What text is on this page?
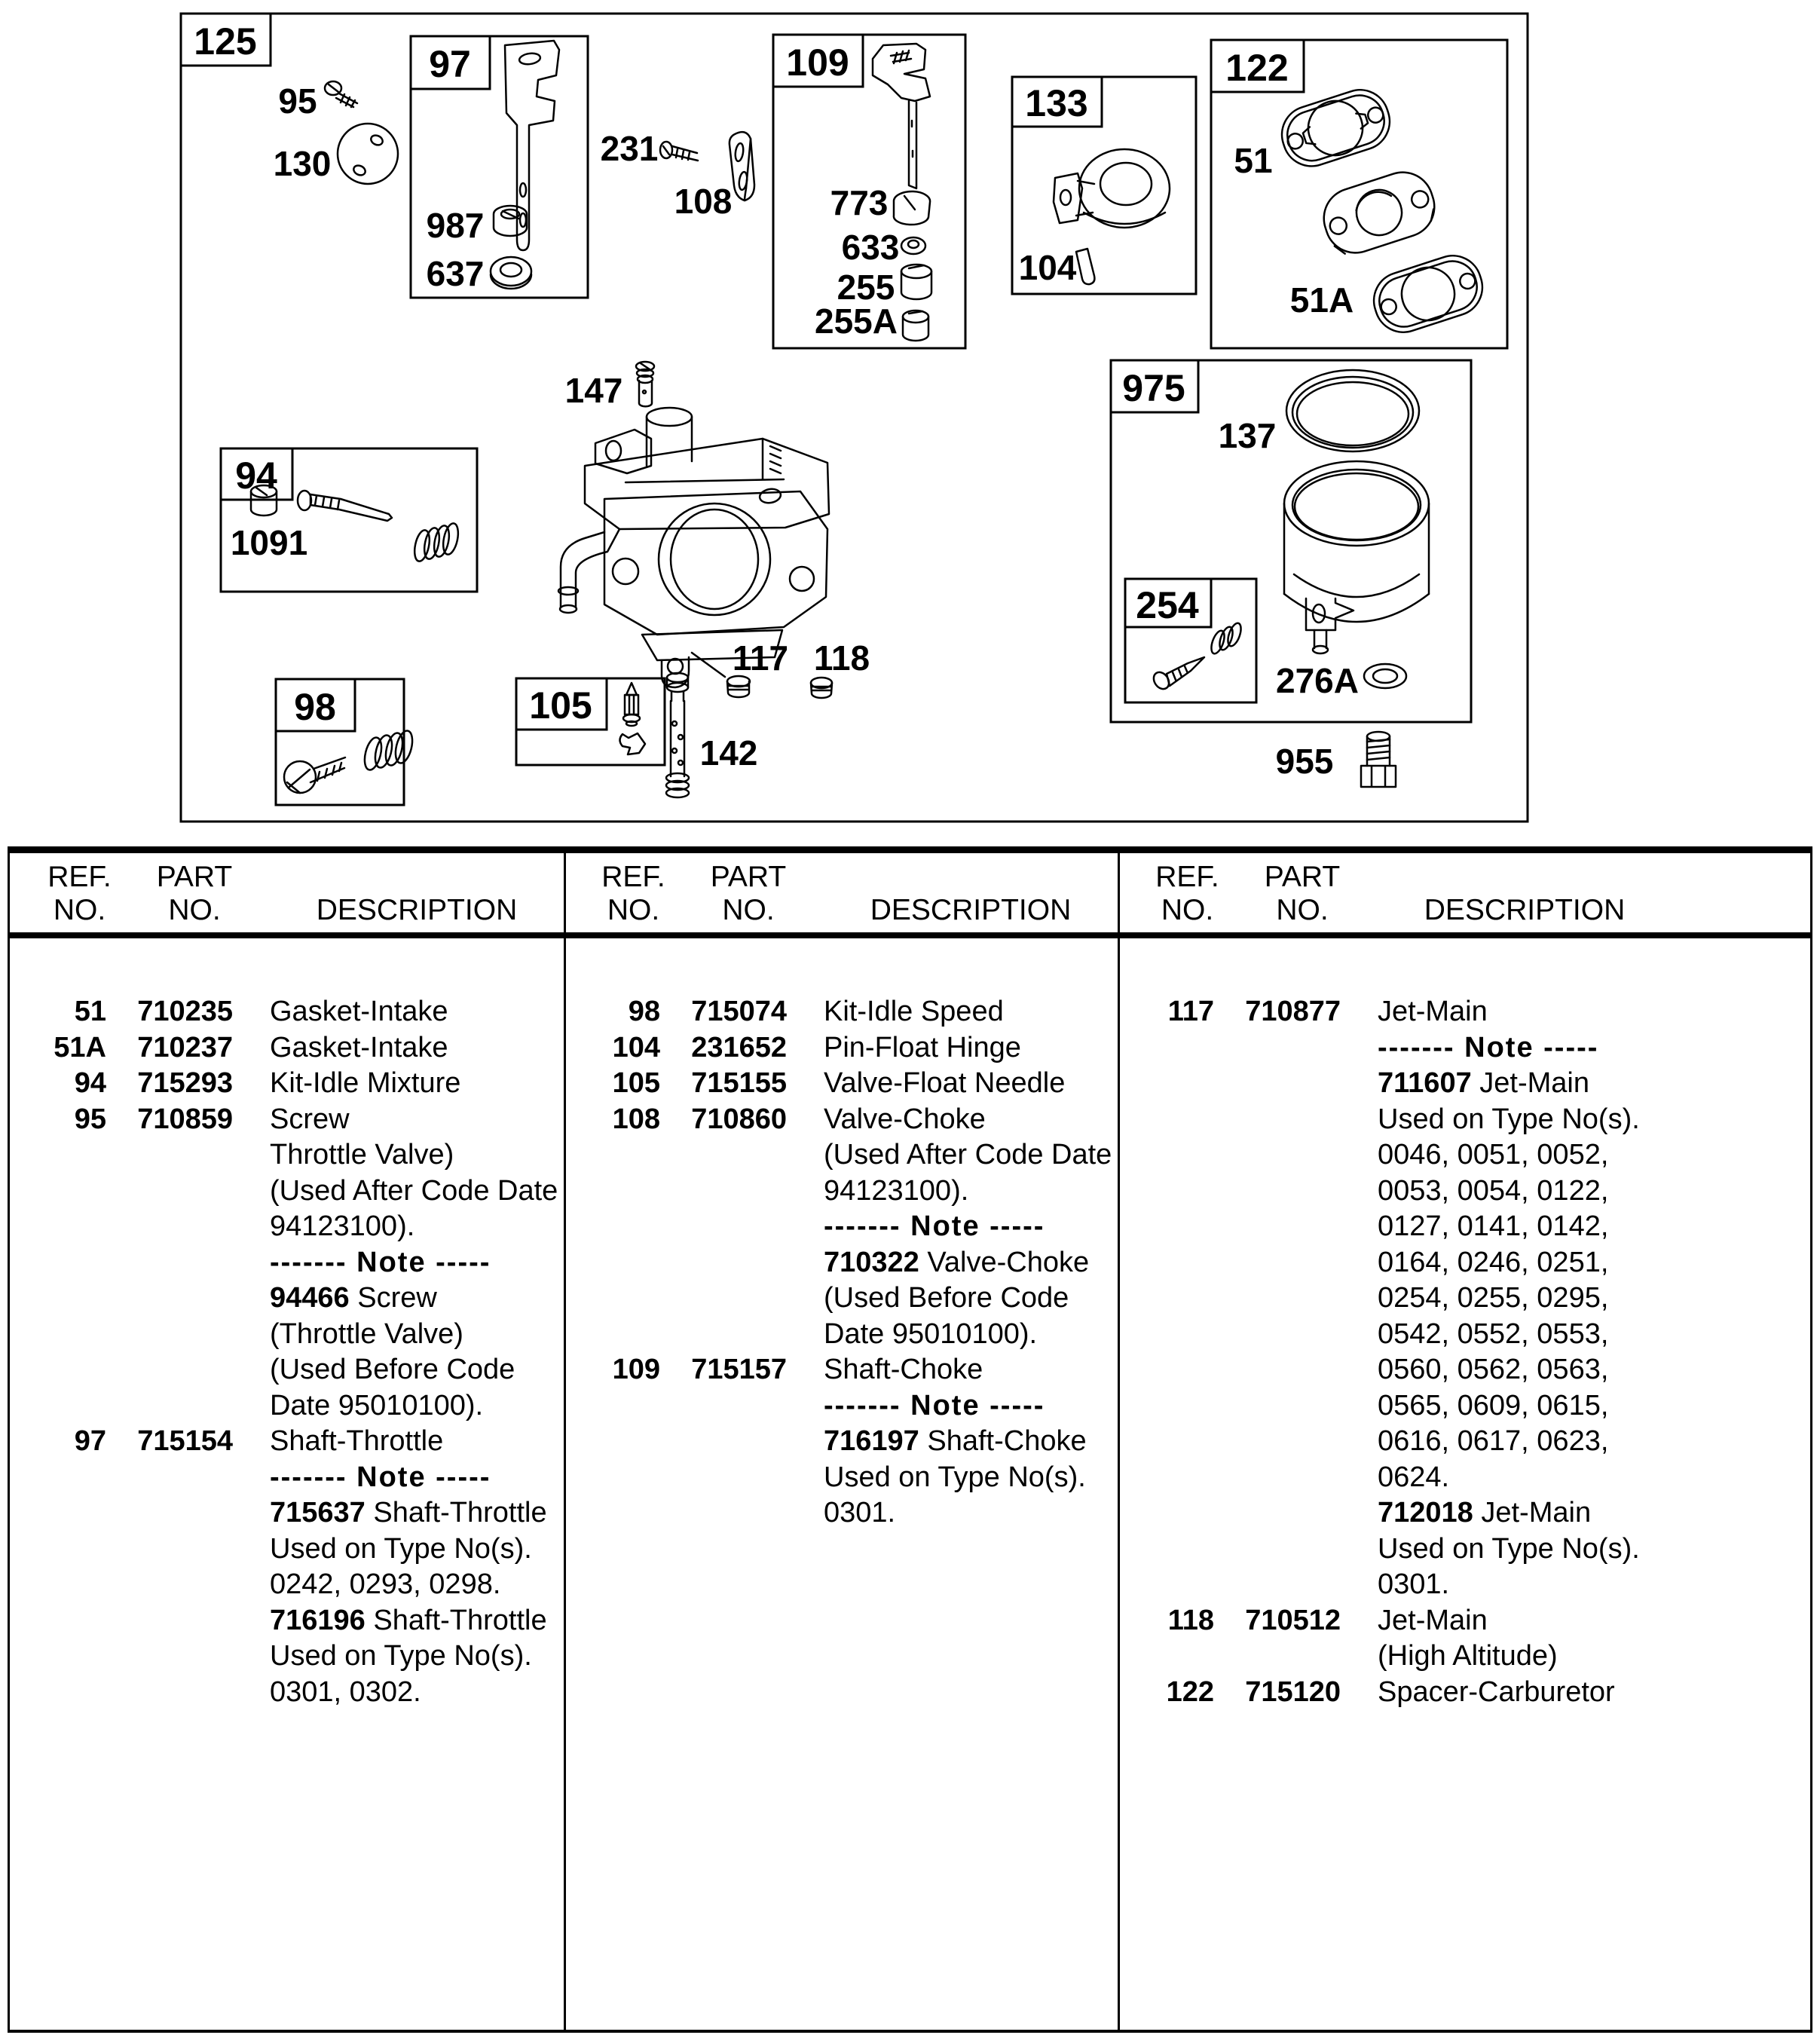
125
97
987
637
95
130	231
108
109
773
633
255
255A
133
104
122
51
51A
147
117 118
142
105
98
94
1091
975
137
254
276A
955
REF.
NO.
PART
NO.	DESCRIPTION
51	710235 Gasket-Intake
51A	710237 Gasket-Intake
94	715293 Kit-Idle Mixture
95	710859 Screw
Throttle Valve)
(Used After Code Date
94123100).
------- Note -----
94466 Screw
(Throttle Valve)
(Used Before Code
Date 95010100).
97	715154 Shaft-Throttle
------- Note -----
715637 Shaft-Throttle
Used on Type No(s).
0242, 0293, 0298.
716196 Shaft-Throttle
Used on Type No(s).
0301, 0302.
REF.
NO.
PART
NO.	DESCRIPTION
98	715074 Kit-Idle Speed
104	231652 Pin-Float Hinge
105	715155 Valve-Float Needle
108	710860 Valve-Choke
(Used After Code Date
94123100).
------- Note -----
710322 Valve-Choke
(Used Before Code
Date 95010100).
109	715157 Shaft-Choke
------- Note -----
716197 Shaft-Choke
Used on Type No(s).
0301.
REF.
NO.
PART
NO.	DESCRIPTION
117	710877 Jet-Main
------- Note -----
711607 Jet-Main
Used on Type No(s).
0046, 0051, 0052,
0053, 0054, 0122,
0127, 0141, 0142,
0164, 0246, 0251,
0254, 0255, 0295,
0542, 0552, 0553,
0560, 0562, 0563,
0565, 0609, 0615,
0616, 0617, 0623,
0624.
712018 Jet-Main
Used on Type No(s).
0301.
118	710512 Jet-Main
(High Altitude)
122	715120 Spacer-Carburetor
